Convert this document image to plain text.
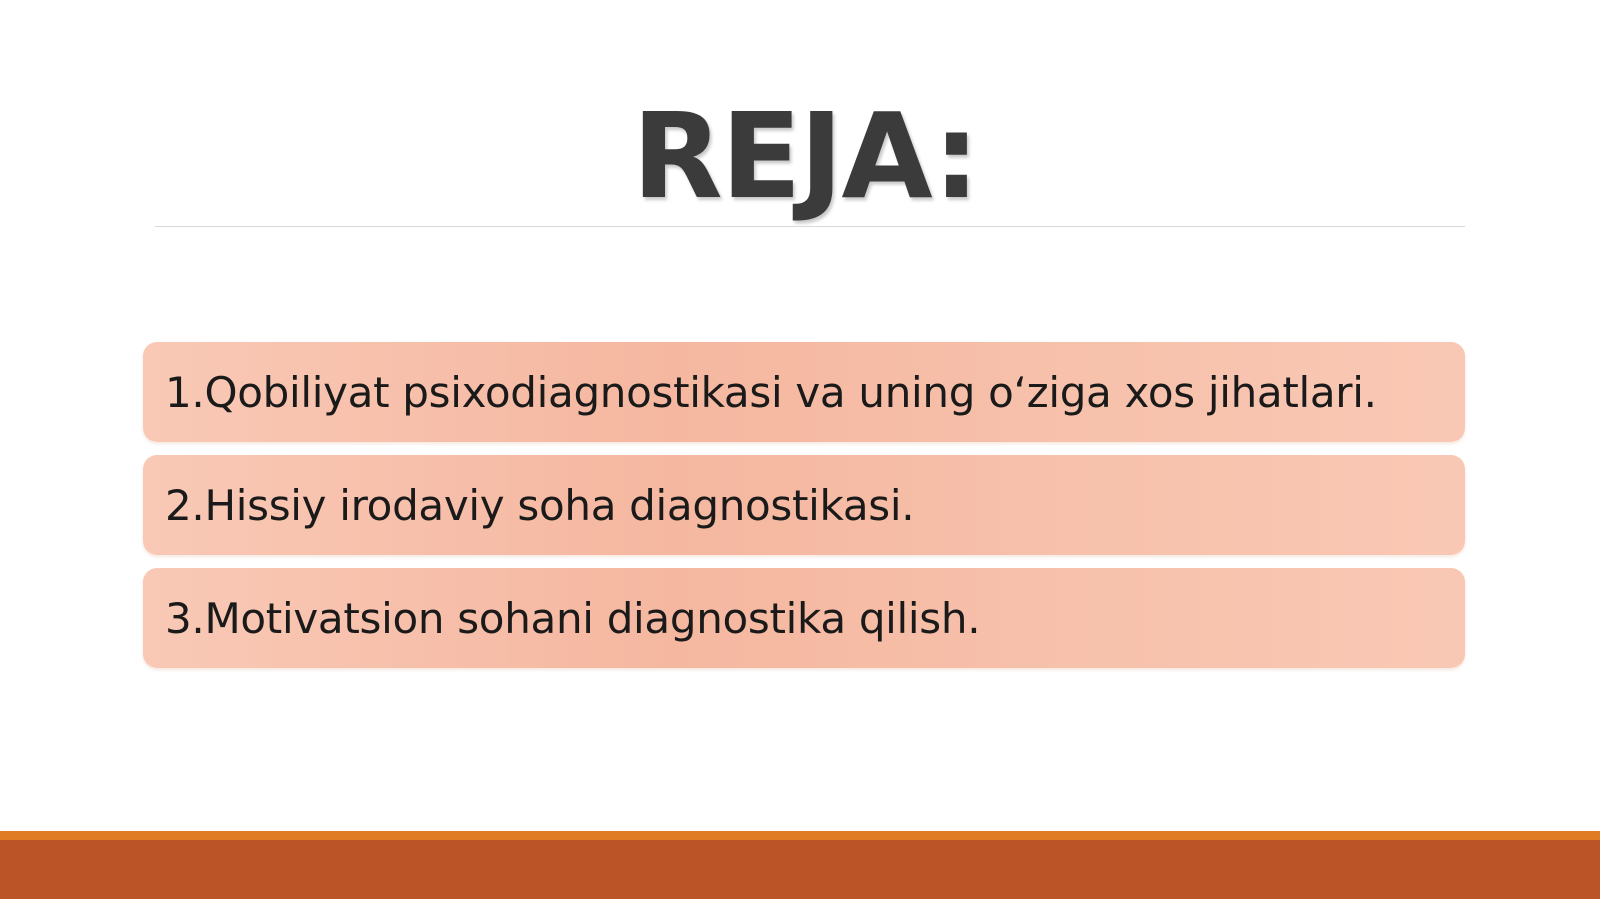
REJA:
1.Qobiliyat psixodiagnostikasi va uning o‘ziga xos jihatlari.
2.Hissiy irodaviy soha diagnostikasi.
3.Motivatsion sohani diagnostika qilish.
